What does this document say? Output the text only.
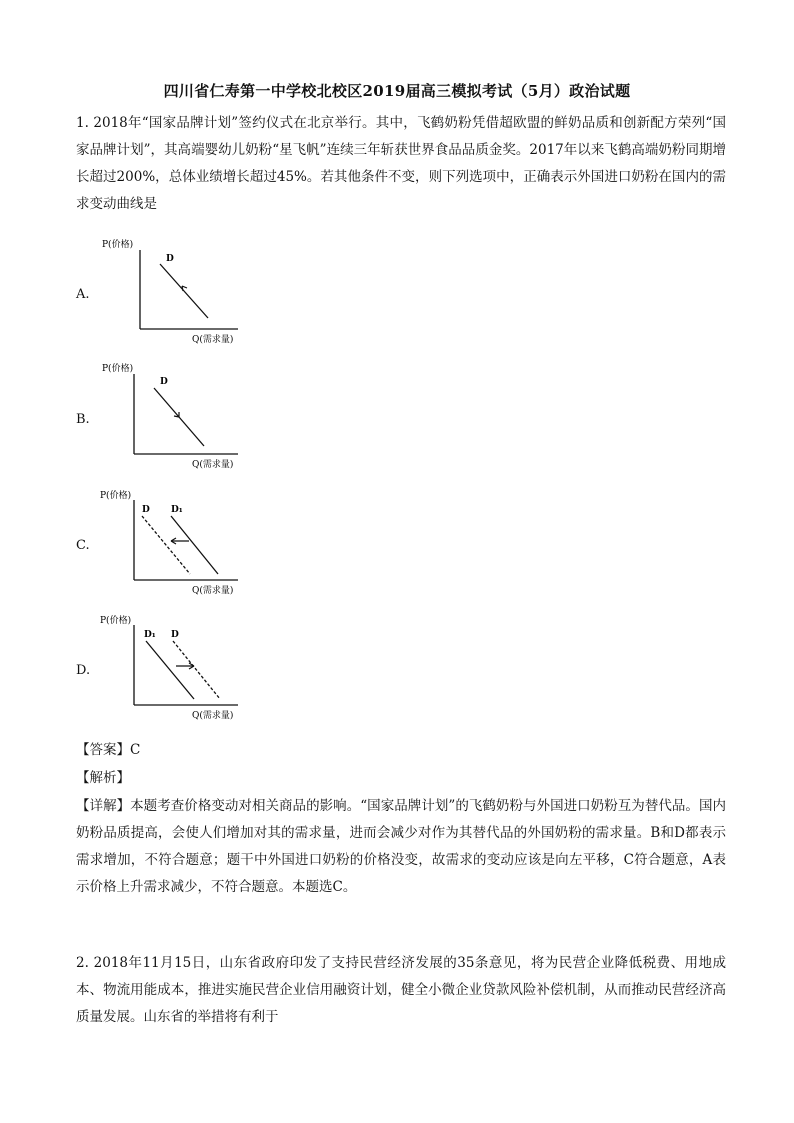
四川省仁寿第一中学校北校区2019届高三模拟考试（5月）政治试题

1. 2018年“国家品牌计划”签约仪式在北京举行。其中，飞鹤奶粉凭借超欧盟的鲜奶品质和创新配方荣列“国家品牌计划”，其高端婴幼儿奶粉“星飞帆”连续三年斩获世界食品品质金奖。2017年以来飞鹤高端奶粉同期增长超过200%，总体业绩增长超过45%。若其他条件不变，则下列选项中，正确表示外国进口奶粉在国内的需求变动曲线是

A.
P(价格)
Q(需求量)
D
B.
P(价格)
Q(需求量)
D
C.
P(价格)
Q(需求量)
D D₁
D.
P(价格)
Q(需求量)
D₁ D
【答案】C
【解析】

【详解】本题考查价格变动对相关商品的影响。“国家品牌计划”的飞鹤奶粉与外国进口奶粉互为替代品。国内奶粉品质提高，会使人们增加对其的需求量，进而会减少对作为其替代品的外国奶粉的需求量。B和D都表示需求增加，不符合题意；题干中外国进口奶粉的价格没变，故需求的变动应该是向左平移，C符合题意，A表示价格上升需求减少，不符合题意。本题选C。

2. 2018年11月15日，山东省政府印发了支持民营经济发展的35条意见，将为民营企业降低税费、用地成本、物流用能成本，推进实施民营企业信用融资计划，健全小微企业贷款风险补偿机制，从而推动民营经济高质量发展。山东省的举措将有利于
